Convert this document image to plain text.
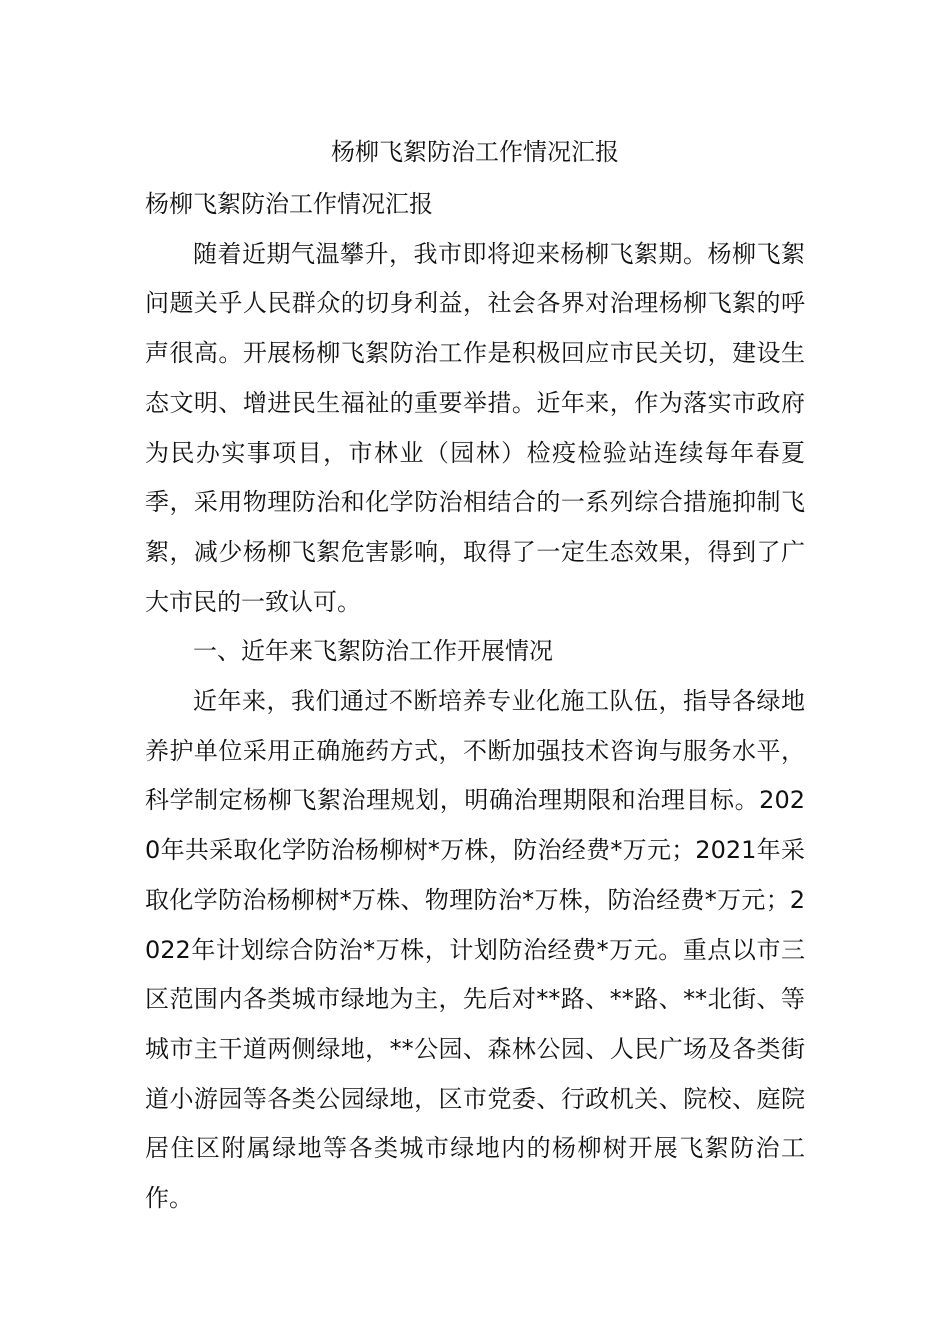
杨柳飞絮防治工作情况汇报

杨柳飞絮防治工作情况汇报

随着近期气温攀升，我市即将迎来杨柳飞絮期。杨柳飞絮问题关乎人民群众的切身利益，社会各界对治理杨柳飞絮的呼声很高。开展杨柳飞絮防治工作是积极回应市民关切，建设生态文明、增进民生福祉的重要举措。近年来，作为落实市政府为民办实事项目，市林业（园林）检疫检验站连续每年春夏季，采用物理防治和化学防治相结合的一系列综合措施抑制飞絮，减少杨柳飞絮危害影响，取得了一定生态效果，得到了广大市民的一致认可。

一、近年来飞絮防治工作开展情况

近年来，我们通过不断培养专业化施工队伍，指导各绿地养护单位采用正确施药方式，不断加强技术咨询与服务水平，科学制定杨柳飞絮治理规划，明确治理期限和治理目标。2020年共采取化学防治杨柳树*万株，防治经费*万元；2021年采取化学防治杨柳树*万株、物理防治*万株，防治经费*万元；2022年计划综合防治*万株，计划防治经费*万元。重点以市三区范围内各类城市绿地为主，先后对**路、**路、**北街、等城市主干道两侧绿地，**公园、森林公园、人民广场及各类街道小游园等各类公园绿地，区市党委、行政机关、院校、庭院居住区附属绿地等各类城市绿地内的杨柳树开展飞絮防治工作。
